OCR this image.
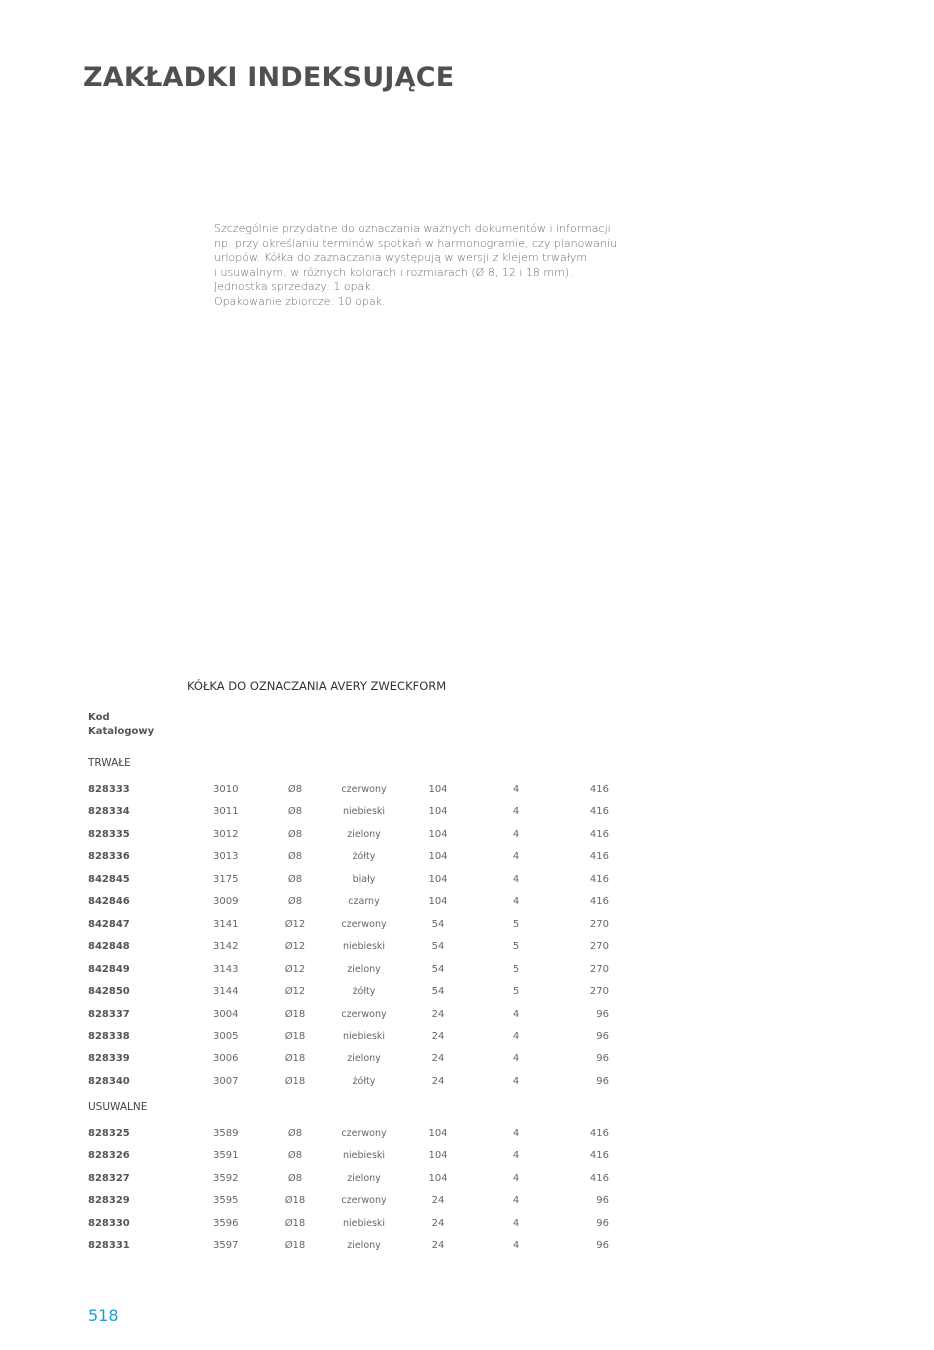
ZAKŁADKI INDEKSUJĄCE
Szczególnie przydatne do oznaczania ważnych dokumentów i informacji
np. przy określaniu terminów spotkań w harmonogramie, czy planowaniu
urlopów. Kółka do zaznaczania występują w wersji z klejem trwałym
i usuwalnym, w różnych kolorach i rozmiarach (Ø 8, 12 i 18 mm).
Jednostka sprzedaży: 1 opak.
Opakowanie zbiorcze: 10 opak.
KÓŁKA DO OZNACZANIA AVERY ZWECKFORM
Kod
Katalogowy
TRWAŁE
828333	3010	Ø8	czerwony	104	4	416
828334	3011	Ø8	niebieski	104	4	416
828335	3012	Ø8	zielony	104	4	416
828336	3013	Ø8	żółty	104	4	416
842845	3175	Ø8	biały	104	4	416
842846	3009	Ø8	czarny	104	4	416
842847	3141	Ø12	czerwony	54	5	270
842848	3142	Ø12	niebieski	54	5	270
842849	3143	Ø12	zielony	54	5	270
842850	3144	Ø12	żółty	54	5	270
828337	3004	Ø18	czerwony	24	4	96
828338	3005	Ø18	niebieski	24	4	96
828339	3006	Ø18	zielony	24	4	96
828340	3007	Ø18	żółty	24	4	96
USUWALNE
828325	3589	Ø8	czerwony	104	4	416
828326	3591	Ø8	niebieski	104	4	416
828327	3592	Ø8	zielony	104	4	416
828329	3595	Ø18	czerwony	24	4	96
828330	3596	Ø18	niebieski	24	4	96
828331	3597	Ø18	zielony	24	4	96
518
